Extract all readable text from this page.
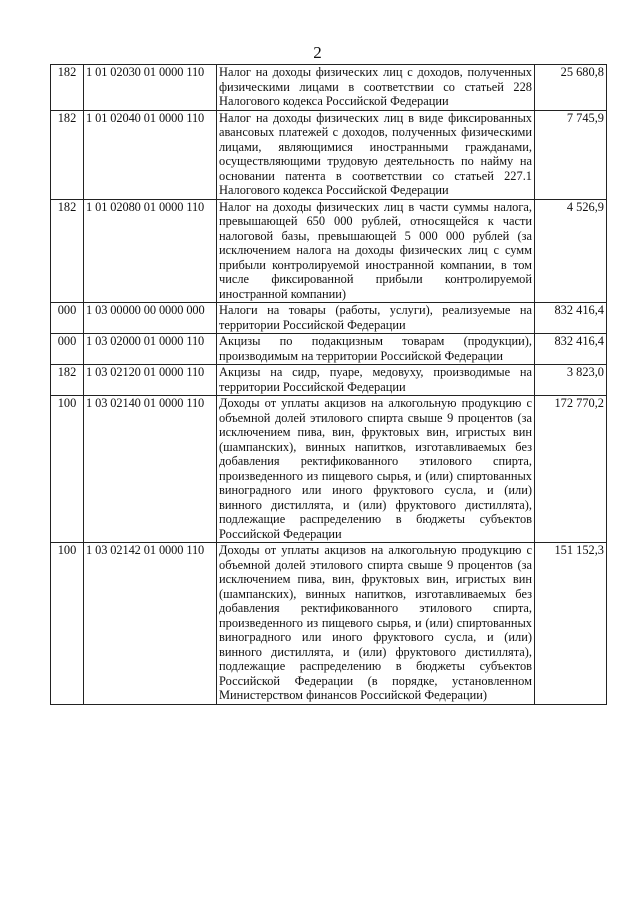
2
182	1 01 02030 01 0000 110	Налог на доходы физических лиц с доходов, полученных физическими лицами в соответствии со статьей 228 Налогового кодекса Российской Федерации	25 680,8
182	1 01 02040 01 0000 110	Налог на доходы физических лиц в виде фиксированных авансовых платежей с доходов, полученных физическими лицами, являющимися иностранными гражданами, осуществляющими трудовую деятельность по найму на основании патента в соответствии со статьей 227.1 Налогового кодекса Российской Федерации	7 745,9
182	1 01 02080 01 0000 110	Налог на доходы физических лиц в части суммы налога, превышающей 650 000 рублей, относящейся к части налоговой базы, превышающей 5 000 000 рублей (за исключением налога на доходы физических лиц с сумм прибыли контролируемой иностранной компании, в том числе фиксированной прибыли контролируемой иностранной компании)	4 526,9
000	1 03 00000 00 0000 000	Налоги на товары (работы, услуги), реализуемые на территории Российской Федерации	832 416,4
000	1 03 02000 01 0000 110	Акцизы по подакцизным товарам (продукции), производимым на территории Российской Федерации	832 416,4
182	1 03 02120 01 0000 110	Акцизы на сидр, пуаре, медовуху, производимые на территории Российской Федерации	3 823,0
100	1 03 02140 01 0000 110	Доходы от уплаты акцизов на алкогольную продукцию с объемной долей этилового спирта свыше 9 процентов (за исключением пива, вин, фруктовых вин, игристых вин (шампанских), винных напитков, изготавливаемых без добавления ректификованного этилового спирта, произведенного из пищевого сырья, и (или) спиртованных виноградного или иного фруктового сусла, и (или) винного дистиллята, и (или) фруктового дистиллята), подлежащие распределению в бюджеты субъектов Российской Федерации	172 770,2
100	1 03 02142 01 0000 110	Доходы от уплаты акцизов на алкогольную продукцию с объемной долей этилового спирта свыше 9 процентов (за исключением пива, вин, фруктовых вин, игристых вин (шампанских), винных напитков, изготавливаемых без добавления ректификованного этилового спирта, произведенного из пищевого сырья, и (или) спиртованных виноградного или иного фруктового сусла, и (или) винного дистиллята, и (или) фруктового дистиллята), подлежащие распределению в бюджеты субъектов Российской Федерации (в порядке, установленном Министерством финансов Российской Федерации)	151 152,3
